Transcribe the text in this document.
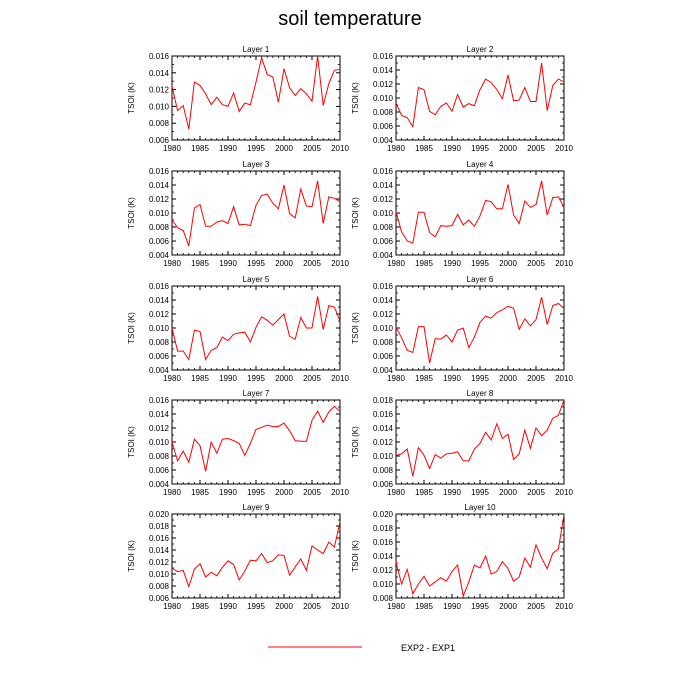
soil temperature
Layer 1
TSOI (K)
1980 1985 1990 1995 2000 2005 2010
0.006
0.008
0.010
0.012
0.014
0.016
Layer 2
TSOI (K)
1980 1985 1990 1995 2000 2005 2010
0.004
0.006
0.008
0.010
0.012
0.014
0.016
Layer 3
TSOI (K)
1980 1985 1990 1995 2000 2005 2010
0.004
0.006
0.008
0.010
0.012
0.014
0.016
Layer 4
TSOI (K)
1980 1985 1990 1995 2000 2005 2010
0.004
0.006
0.008
0.010
0.012
0.014
0.016
Layer 5
TSOI (K)
1980 1985 1990 1995 2000 2005 2010
0.004
0.006
0.008
0.010
0.012
0.014
0.016
Layer 6
TSOI (K)
1980 1985 1990 1995 2000 2005 2010
0.004
0.006
0.008
0.010
0.012
0.014
0.016
Layer 7
TSOI (K)
1980 1985 1990 1995 2000 2005 2010
0.004
0.006
0.008
0.010
0.012
0.014
0.016
Layer 8
TSOI (K)
1980 1985 1990 1995 2000 2005 2010
0.006
0.008
0.010
0.012
0.014
0.016
0.018
Layer 9
TSOI (K)
1980 1985 1990 1995 2000 2005 2010
0.006
0.008
0.010
0.012
0.014
0.016
0.018
0.020
Layer 10
TSOI (K)
1980 1985 1990 1995 2000 2005 2010
0.008
0.010
0.012
0.014
0.016
0.018
0.020
EXP2 - EXP1
